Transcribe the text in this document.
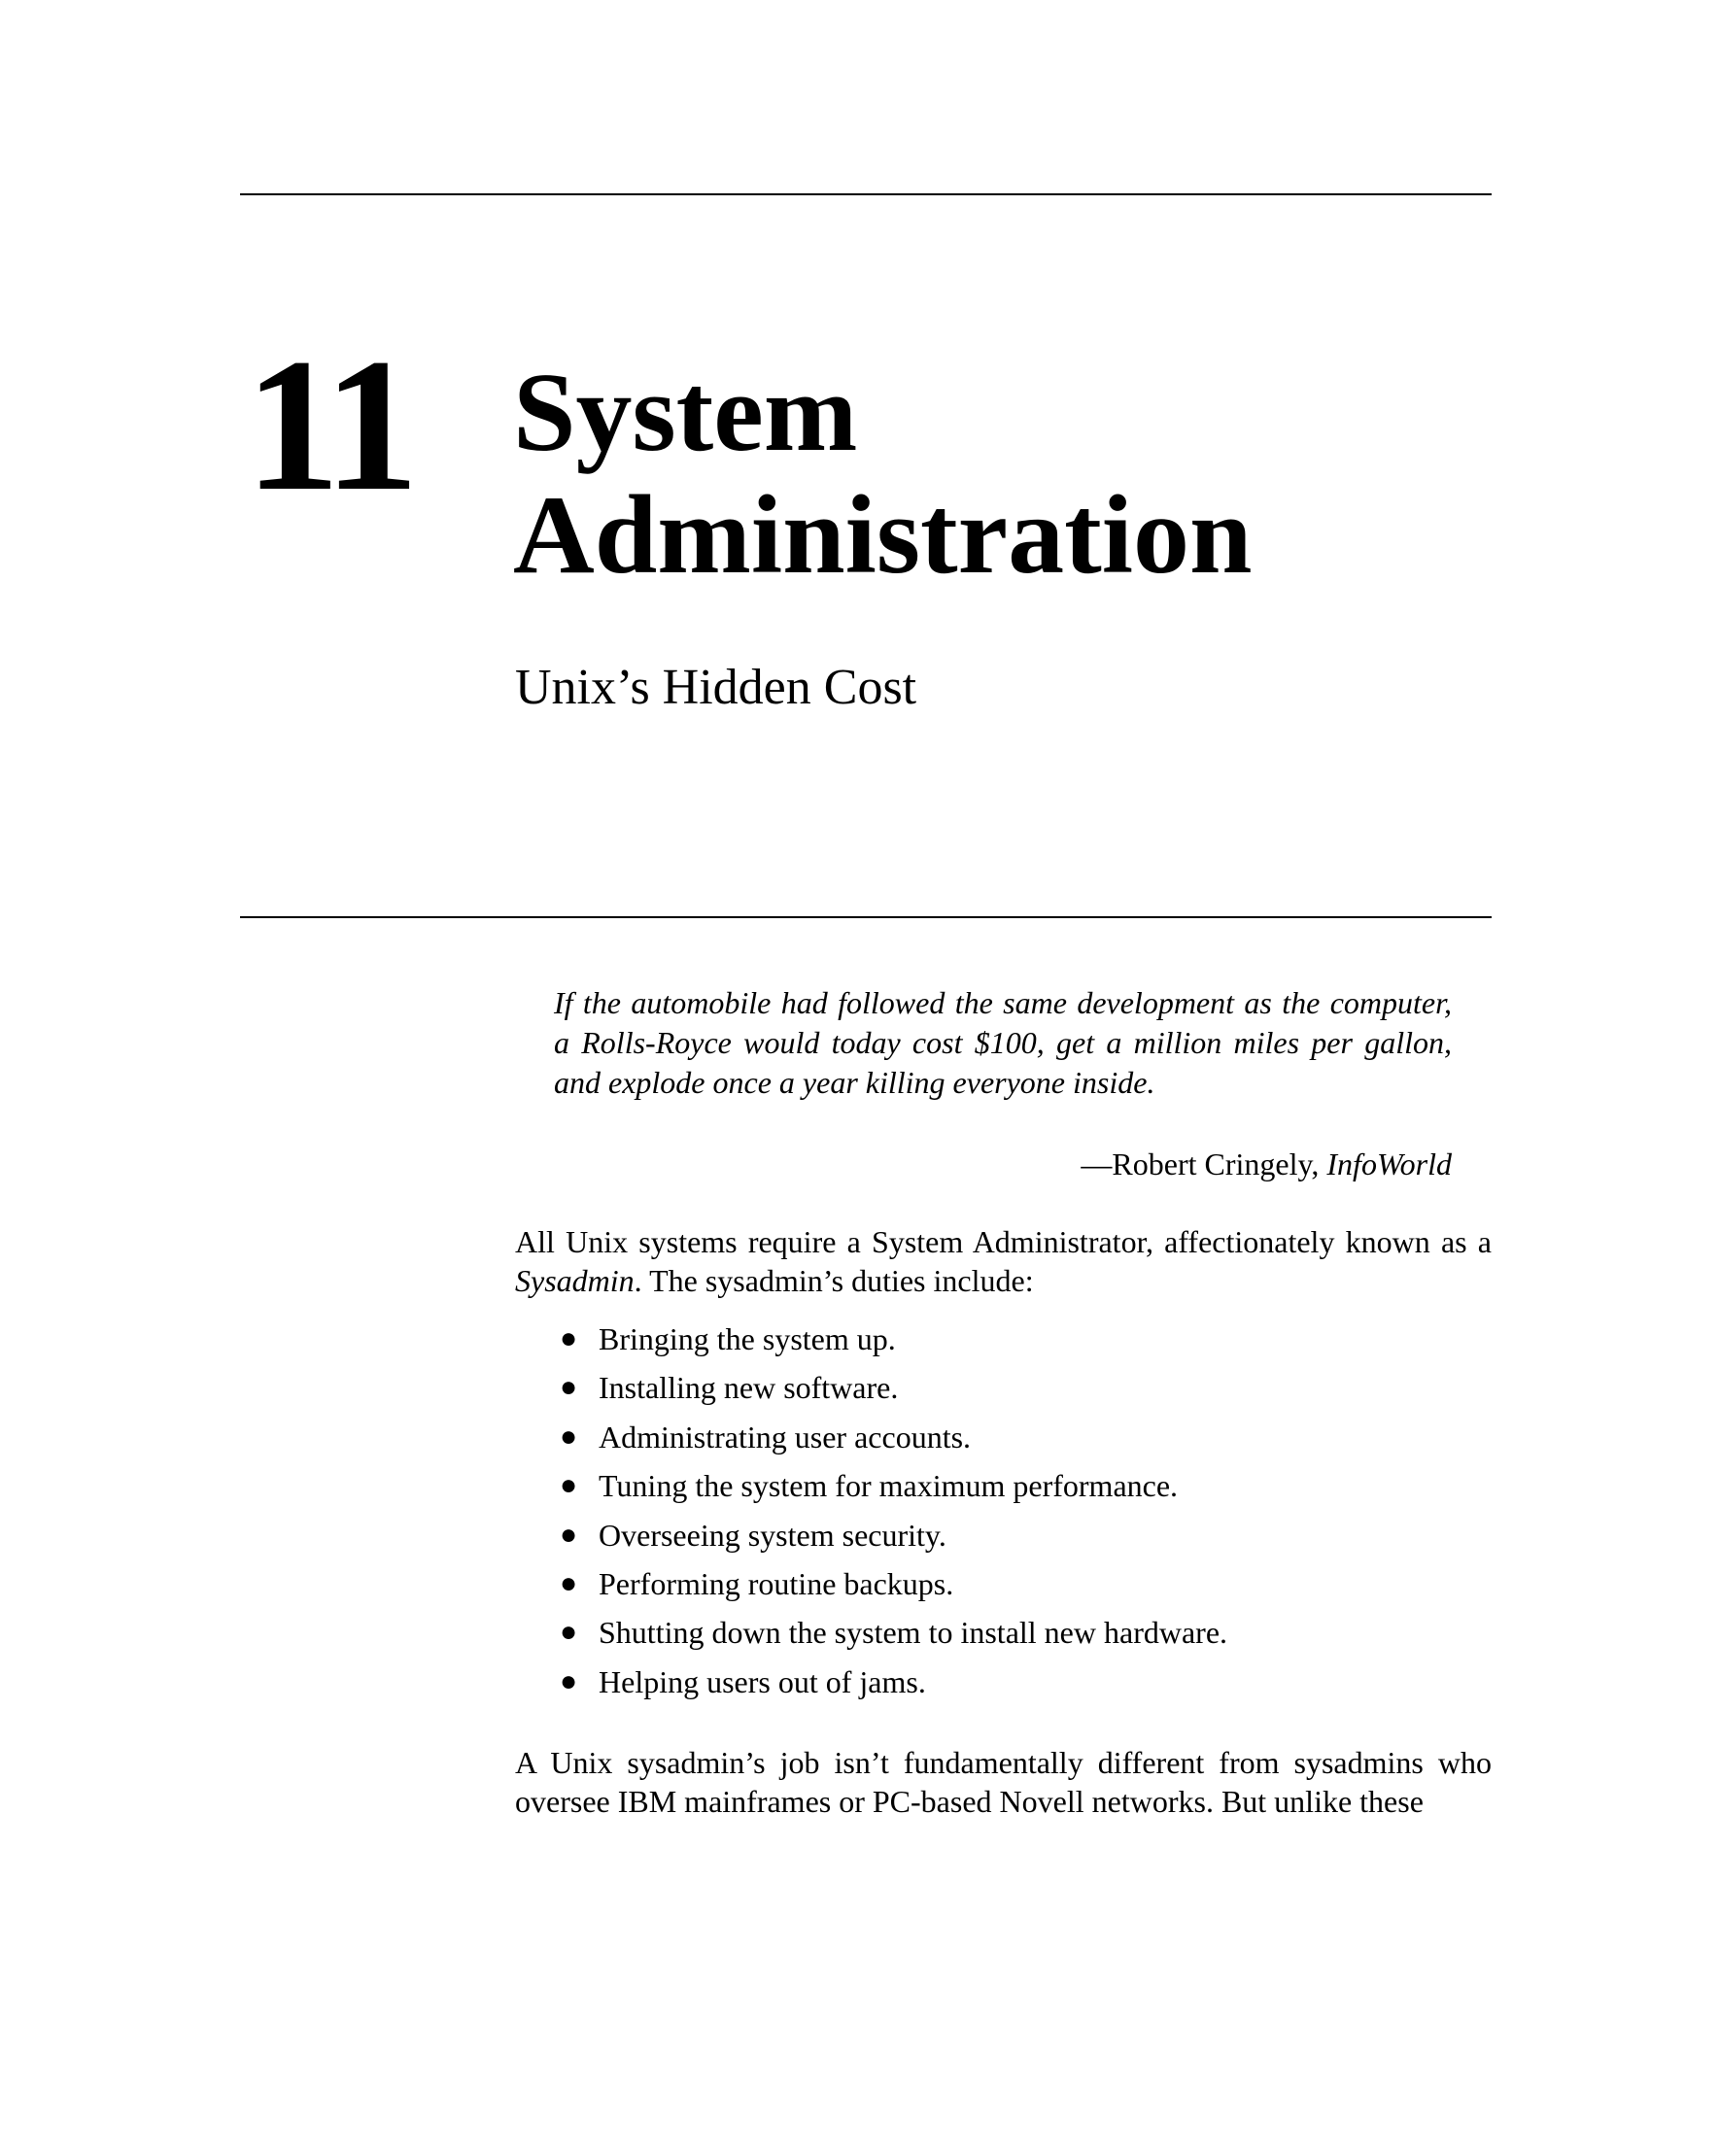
11 System
Administration
Unix’s Hidden Cost

If the automobile had followed the same development as the computer, a Rolls-Royce would today cost $100, get a million miles per gallon, and explode once a year killing everyone inside.

—Robert Cringely, InfoWorld

All Unix systems require a System Administrator, affectionately known as a Sysadmin. The sysadmin’s duties include:

● Bringing the system up.
● Installing new software.
● Administrating user accounts.
● Tuning the system for maximum performance.
● Overseeing system security.
● Performing routine backups.
● Shutting down the system to install new hardware.
● Helping users out of jams.

A Unix sysadmin’s job isn’t fundamentally different from sysadmins who oversee IBM mainframes or PC-based Novell networks. But unlike these
